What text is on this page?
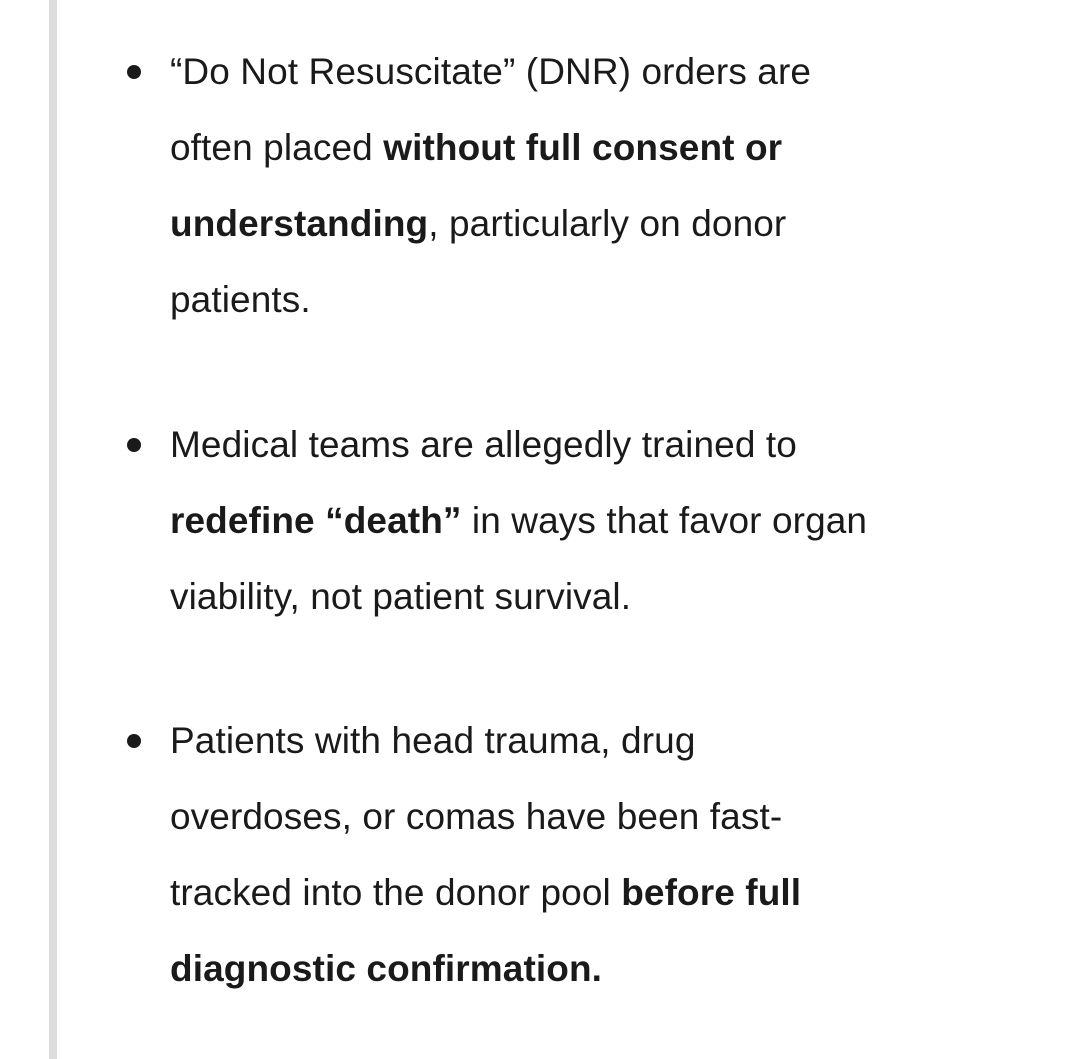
“Do Not Resuscitate” (DNR) orders are
often placed without full consent or
understanding, particularly on donor
patients.
Medical teams are allegedly trained to
redefine “death” in ways that favor organ
viability, not patient survival.
Patients with head trauma, drug
overdoses, or comas have been fast-
tracked into the donor pool before full
diagnostic confirmation.
